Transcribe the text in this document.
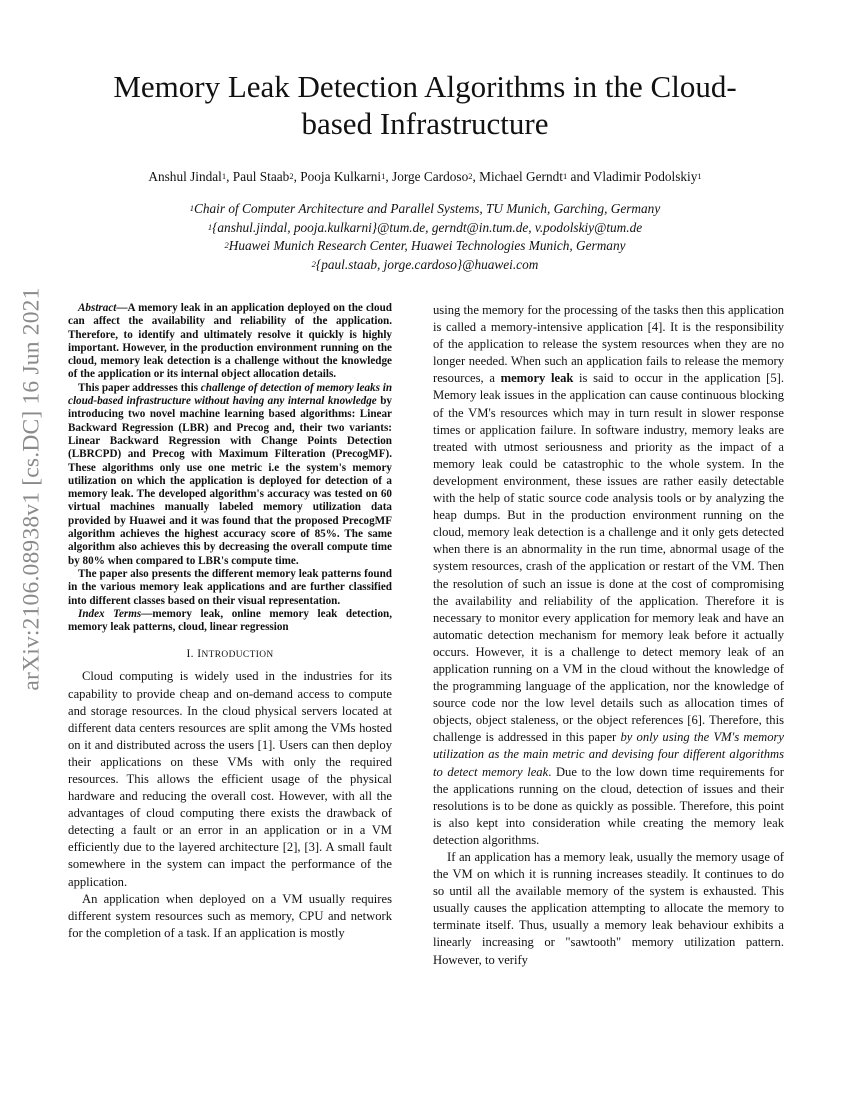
arXiv:2106.08938v1 [cs.DC] 16 Jun 2021
Memory Leak Detection Algorithms in the Cloud-based Infrastructure
Anshul Jindal$^1$, Paul Staab$^2$, Pooja Kulkarni$^1$, Jorge Cardoso$^2$, Michael Gerndt$^1$ and Vladimir Podolskiy$^1$
$^1$Chair of Computer Architecture and Parallel Systems, TU Munich, Garching, Germany
$^1${anshul.jindal, pooja.kulkarni}@tum.de, gerndt@in.tum.de, v.podolskiy@tum.de
$^2$Huawei Munich Research Center, Huawei Technologies Munich, Germany
$^2${paul.staab, jorge.cardoso}@huawei.com

Abstract—A memory leak in an application deployed on the cloud can affect the availability and reliability of the application. Therefore, to identify and ultimately resolve it quickly is highly important. However, in the production environment running on the cloud, memory leak detection is a challenge without the knowledge of the application or its internal object allocation details.

This paper addresses this challenge of detection of memory leaks in cloud-based infrastructure without having any internal knowledge by introducing two novel machine learning based algorithms: Linear Backward Regression (LBR) and Precog and, their two variants: Linear Backward Regression with Change Points Detection (LBRCPD) and Precog with Maximum Filteration (PrecogMF). These algorithms only use one metric i.e the system's memory utilization on which the application is deployed for detection of a memory leak. The developed algorithm's accuracy was tested on 60 virtual machines manually labeled memory utilization data provided by Huawei and it was found that the proposed PrecogMF algorithm achieves the highest accuracy score of 85%. The same algorithm also achieves this by decreasing the overall compute time by 80% when compared to LBR's compute time.

The paper also presents the different memory leak patterns found in the various memory leak applications and are further classified into different classes based on their visual representation.

Index Terms—memory leak, online memory leak detection, memory leak patterns, cloud, linear regression

I. INTRODUCTION

Cloud computing is widely used in the industries for its capability to provide cheap and on-demand access to compute and storage resources. In the cloud physical servers located at different data centers resources are split among the VMs hosted on it and distributed across the users [1]. Users can then deploy their applications on these VMs with only the required resources. This allows the efficient usage of the physical hardware and reducing the overall cost. However, with all the advantages of cloud computing there exists the drawback of detecting a fault or an error in an application or in a VM efficiently due to the layered architecture [2], [3]. A small fault somewhere in the system can impact the performance of the application.

An application when deployed on a VM usually requires different system resources such as memory, CPU and network for the completion of a task. If an application is mostly

using the memory for the processing of the tasks then this application is called a memory-intensive application [4]. It is the responsibility of the application to release the system resources when they are no longer needed. When such an application fails to release the memory resources, a memory leak is said to occur in the application [5]. Memory leak issues in the application can cause continuous blocking of the VM's resources which may in turn result in slower response times or application failure. In software industry, memory leaks are treated with utmost seriousness and priority as the impact of a memory leak could be catastrophic to the whole system. In the development environment, these issues are rather easily detectable with the help of static source code analysis tools or by analyzing the heap dumps. But in the production environment running on the cloud, memory leak detection is a challenge and it only gets detected when there is an abnormality in the run time, abnormal usage of the system resources, crash of the application or restart of the VM. Then the resolution of such an issue is done at the cost of compromising the availability and reliability of the application. Therefore it is necessary to monitor every application for memory leak and have an automatic detection mechanism for memory leak before it actually occurs. However, it is a challenge to detect memory leak of an application running on a VM in the cloud without the knowledge of the programming language of the application, nor the knowledge of source code nor the low level details such as allocation times of objects, object staleness, or the object references [6]. Therefore, this challenge is addressed in this paper by only using the VM's memory utilization as the main metric and devising four different algorithms to detect memory leak. Due to the low down time requirements for the applications running on the cloud, detection of issues and their resolutions is to be done as quickly as possible. Therefore, this point is also kept into consideration while creating the memory leak detection algorithms.

If an application has a memory leak, usually the memory usage of the VM on which it is running increases steadily. It continues to do so until all the available memory of the system is exhausted. This usually causes the application attempting to allocate the memory to terminate itself. Thus, usually a memory leak behaviour exhibits a linearly increasing or "sawtooth" memory utilization pattern. However, to verify
